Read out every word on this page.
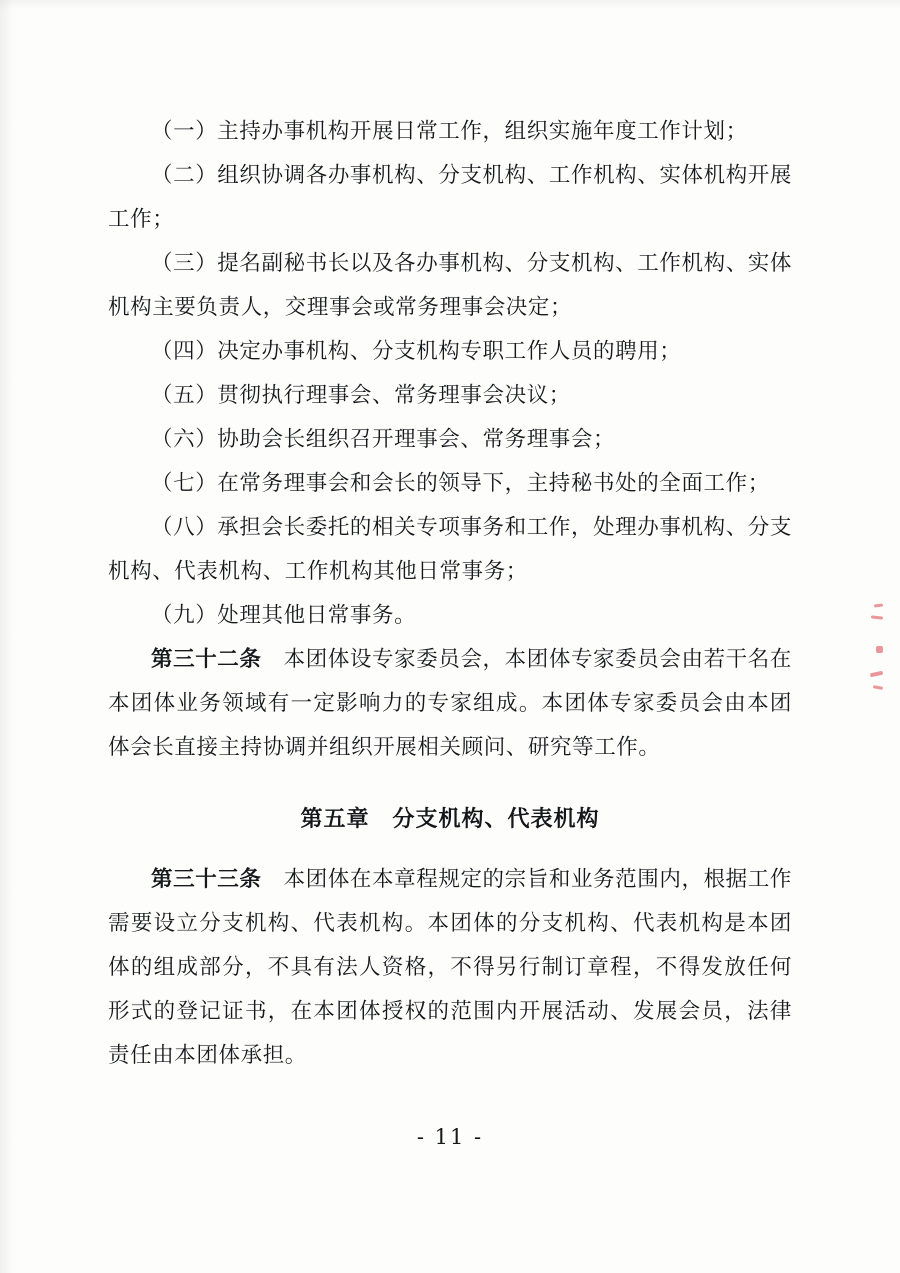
（一）主持办事机构开展日常工作，组织实施年度工作计划；

（二）组织协调各办事机构、分支机构、工作机构、实体机构开展工作；

（三）提名副秘书长以及各办事机构、分支机构、工作机构、实体机构主要负责人，交理事会或常务理事会决定；

（四）决定办事机构、分支机构专职工作人员的聘用；

（五）贯彻执行理事会、常务理事会决议；

（六）协助会长组织召开理事会、常务理事会；

（七）在常务理事会和会长的领导下，主持秘书处的全面工作；

（八）承担会长委托的相关专项事务和工作，处理办事机构、分支机构、代表机构、工作机构其他日常事务；

（九）处理其他日常事务。

第三十二条　 本团体设专家委员会，本团体专家委员会由若干名在本团体业务领域有一定影响力的专家组成。本团体专家委员会由本团体会长直接主持协调并组织开展相关顾问、研究等工作。

第五章　分支机构、代表机构

第三十三条　 本团体在本章程规定的宗旨和业务范围内，根据工作需要设立分支机构、代表机构。本团体的分支机构、代表机构是本团体的组成部分，不具有法人资格，不得另行制订章程，不得发放任何形式的登记证书，在本团体授权的范围内开展活动、发展会员，法律责任由本团体承担。

- 11 -
